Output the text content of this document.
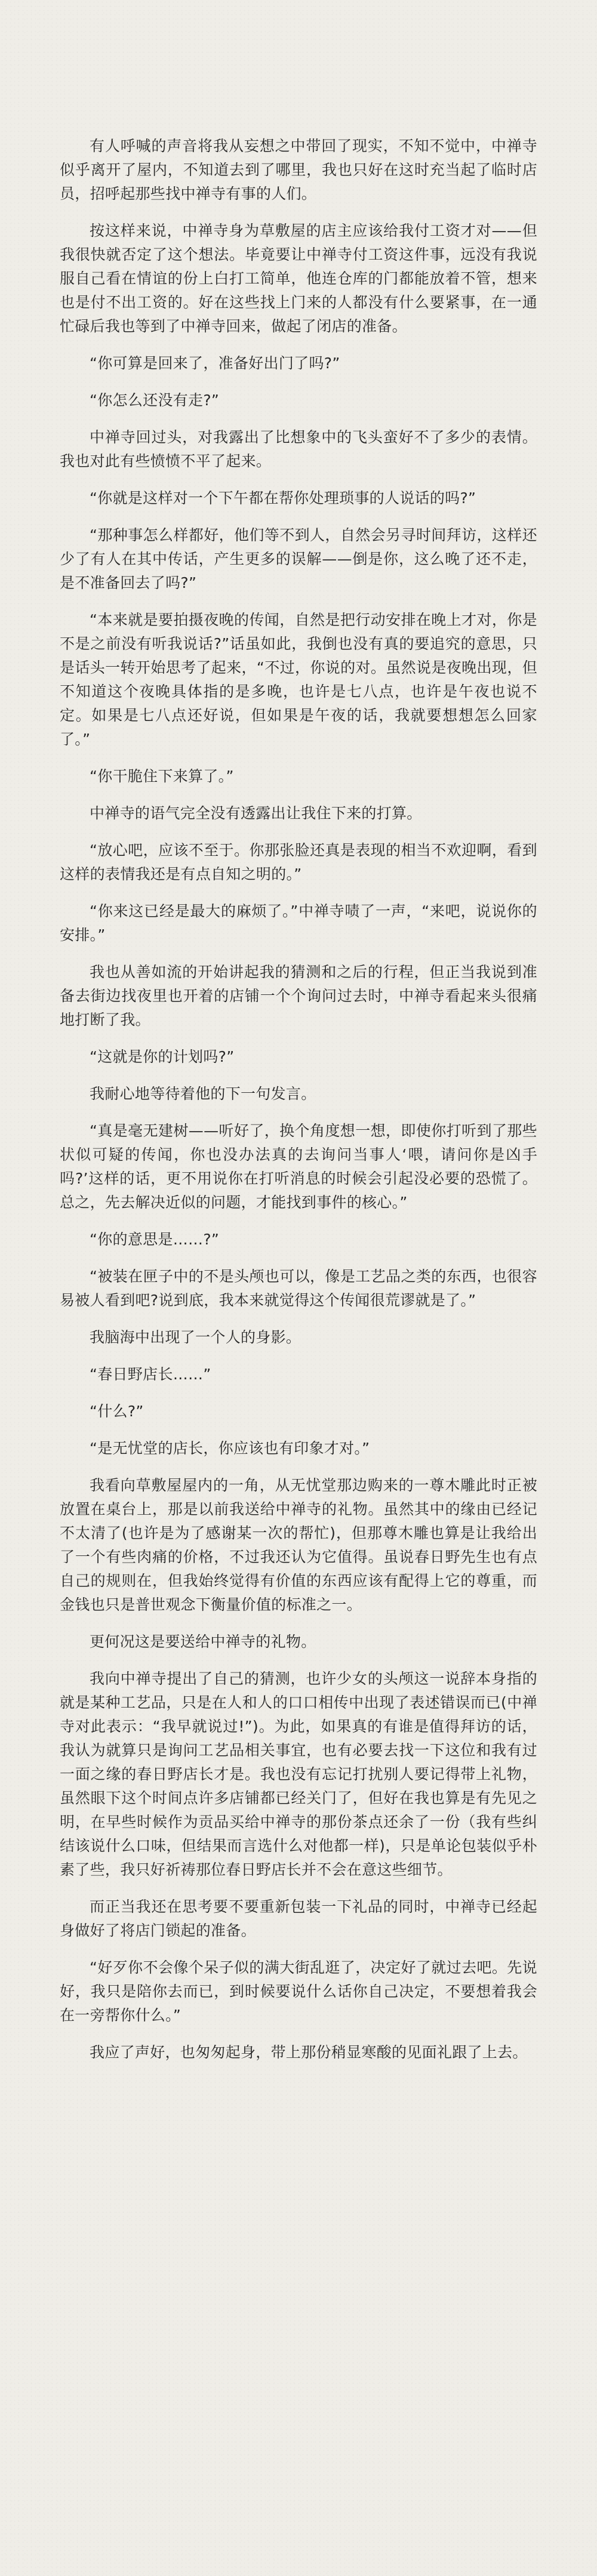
有人呼喊的声音将我从妄想之中带回了现实，不知不觉中，中禅寺似乎离开了屋内，不知道去到了哪里，我也只好在这时充当起了临时店员，招呼起那些找中禅寺有事的人们。

按这样来说，中禅寺身为草敷屋的店主应该给我付工资才对——但我很快就否定了这个想法。毕竟要让中禅寺付工资这件事，远没有我说服自己看在情谊的份上白打工简单，他连仓库的门都能放着不管，想来也是付不出工资的。好在这些找上门来的人都没有什么要紧事，在一通忙碌后我也等到了中禅寺回来，做起了闭店的准备。

“你可算是回来了，准备好出门了吗?”

“你怎么还没有走?”

中禅寺回过头，对我露出了比想象中的飞头蛮好不了多少的表情。我也对此有些愤愤不平了起来。

“你就是这样对一个下午都在帮你处理琐事的人说话的吗?”

“那种事怎么样都好，他们等不到人，自然会另寻时间拜访，这样还少了有人在其中传话，产生更多的误解——倒是你，这么晚了还不走，是不准备回去了吗?”

“本来就是要拍摄夜晚的传闻，自然是把行动安排在晚上才对，你是不是之前没有听我说话?”话虽如此，我倒也没有真的要追究的意思，只是话头一转开始思考了起来，“不过，你说的对。虽然说是夜晚出现，但不知道这个夜晚具体指的是多晚，也许是七八点，也许是午夜也说不定。如果是七八点还好说，但如果是午夜的话，我就要想想怎么回家了。”

“你干脆住下来算了。”

中禅寺的语气完全没有透露出让我住下来的打算。

“放心吧，应该不至于。你那张脸还真是表现的相当不欢迎啊，看到这样的表情我还是有点自知之明的。”

“你来这已经是最大的麻烦了。”中禅寺啧了一声，“来吧，说说你的安排。”

我也从善如流的开始讲起我的猜测和之后的行程，但正当我说到准备去街边找夜里也开着的店铺一个个询问过去时，中禅寺看起来头很痛地打断了我。

“这就是你的计划吗?”

我耐心地等待着他的下一句发言。

“真是毫无建树——听好了，换个角度想一想，即使你打听到了那些状似可疑的传闻，你也没办法真的去询问当事人‘喂，请问你是凶手吗?’这样的话，更不用说你在打听消息的时候会引起没必要的恐慌了。总之，先去解决近似的问题，才能找到事件的核心。”

“你的意思是……?”

“被装在匣子中的不是头颅也可以，像是工艺品之类的东西，也很容易被人看到吧?说到底，我本来就觉得这个传闻很荒谬就是了。”

我脑海中出现了一个人的身影。

“春日野店长……”

“什么?”

“是无忧堂的店长，你应该也有印象才对。”

我看向草敷屋屋内的一角，从无忧堂那边购来的一尊木雕此时正被放置在桌台上，那是以前我送给中禅寺的礼物。虽然其中的缘由已经记不太清了(也许是为了感谢某一次的帮忙)，但那尊木雕也算是让我给出了一个有些肉痛的价格，不过我还认为它值得。虽说春日野先生也有点自己的规则在，但我始终觉得有价值的东西应该有配得上它的尊重，而金钱也只是普世观念下衡量价值的标准之一。

更何况这是要送给中禅寺的礼物。

我向中禅寺提出了自己的猜测，也许少女的头颅这一说辞本身指的就是某种工艺品，只是在人和人的口口相传中出现了表述错误而已(中禅寺对此表示：“我早就说过!”)。为此，如果真的有谁是值得拜访的话，我认为就算只是询问工艺品相关事宜，也有必要去找一下这位和我有过一面之缘的春日野店长才是。我也没有忘记打扰别人要记得带上礼物，虽然眼下这个时间点许多店铺都已经关门了，但好在我也算是有先见之明，在早些时候作为贡品买给中禅寺的那份茶点还余了一份（我有些纠结该说什么口味，但结果而言选什么对他都一样)，只是单论包装似乎朴素了些，我只好祈祷那位春日野店长并不会在意这些细节。

而正当我还在思考要不要重新包装一下礼品的同时，中禅寺已经起身做好了将店门锁起的准备。

“好歹你不会像个呆子似的满大街乱逛了，决定好了就过去吧。先说好，我只是陪你去而已，到时候要说什么话你自己决定，不要想着我会在一旁帮你什么。”

我应了声好，也匆匆起身，带上那份稍显寒酸的见面礼跟了上去。
